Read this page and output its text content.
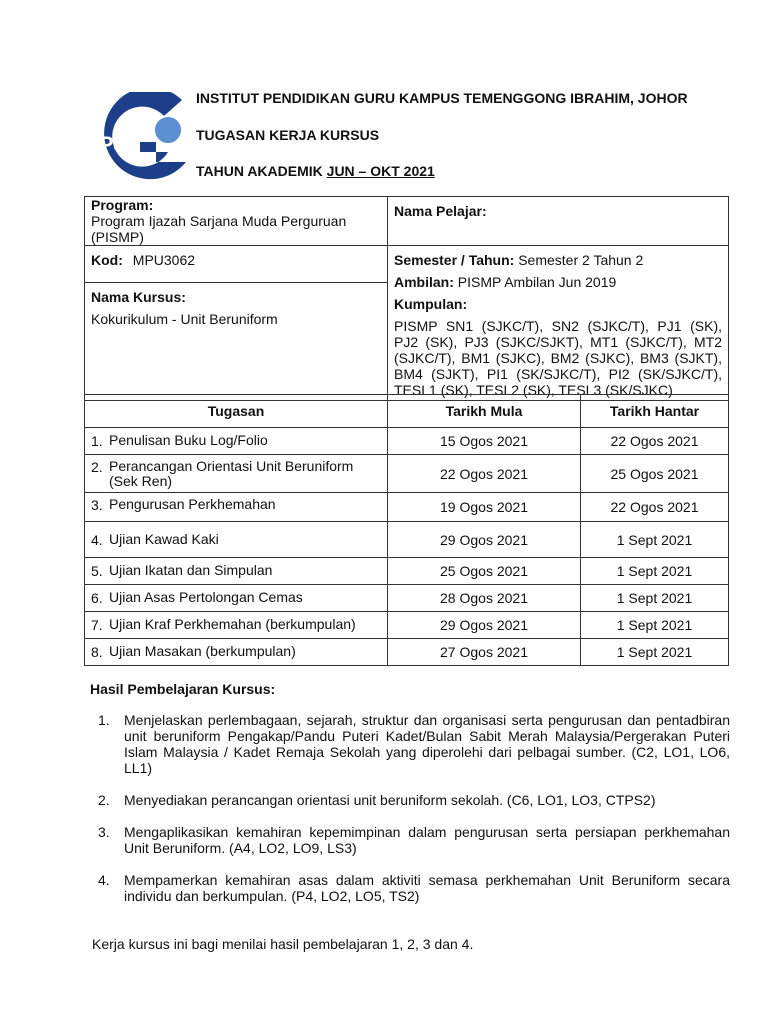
iPG
INSTITUT PENDIDIKAN GURU KAMPUS TEMENGGONG IBRAHIM, JOHOR
TUGASAN KERJA KURSUS
TAHUN AKADEMIK JUN – OKT 2021
Program:
Program Ijazah Sarjana Muda Perguruan (PISMP)	Nama Pelajar:

Kod: MPU3062	Semester / Tahun: Semester 2 Tahun 2
Ambilan: PISMP Ambilan Jun 2019
Kumpulan:
PISMP SN1 (SJKC/T), SN2 (SJKC/T), PJ1 (SK), PJ2 (SK), PJ3 (SJKC/SJKT), MT1 (SJKC/T), MT2 (SJKC/T), BM1 (SJKC), BM2 (SJKC), BM3 (SJKT), BM4 (SJKT), PI1 (SK/SJKC/T), PI2 (SK/SJKC/T), TESL1 (SK), TESL2 (SK), TESL3 (SK/SJKC)

Nama Kursus:
Kokurikulum - Unit Beruniform	
Tugasan	Tarikh Mula	Tarikh Hantar

1. Penulisan Buku Log/Folio	15 Ogos 2021	22 Ogos 2021

2. Perancangan Orientasi Unit Beruniform (Sek Ren)	22 Ogos 2021	25 Ogos 2021

3. Pengurusan Perkhemahan	19 Ogos 2021	22 Ogos 2021

4. Ujian Kawad Kaki	29 Ogos 2021	1 Sept 2021

5. Ujian Ikatan dan Simpulan	25 Ogos 2021	1 Sept 2021

6. Ujian Asas Pertolongan Cemas	28 Ogos 2021	1 Sept 2021

7. Ujian Kraf Perkhemahan (berkumpulan)	29 Ogos 2021	1 Sept 2021

8. Ujian Masakan (berkumpulan)	27 Ogos 2021	1 Sept 2021
Hasil Pembelajaran Kursus:
1.	Menjelaskan perlembagaan, sejarah, struktur dan organisasi serta pengurusan dan pentadbiran unit beruniform Pengakap/Pandu Puteri Kadet/Bulan Sabit Merah Malaysia/Pergerakan Puteri Islam Malaysia / Kadet Remaja Sekolah yang diperolehi dari pelbagai sumber. (C2, LO1, LO6, LL1)
2.	Menyediakan perancangan orientasi unit beruniform sekolah. (C6, LO1, LO3, CTPS2)
3.	Mengaplikasikan kemahiran kepemimpinan dalam pengurusan serta persiapan perkhemahan Unit Beruniform. (A4, LO2, LO9, LS3)
4.	Mempamerkan kemahiran asas dalam aktiviti semasa perkhemahan Unit Beruniform secara individu dan berkumpulan. (P4, LO2, LO5, TS2)
Kerja kursus ini bagi menilai hasil pembelajaran 1, 2, 3 dan 4.
